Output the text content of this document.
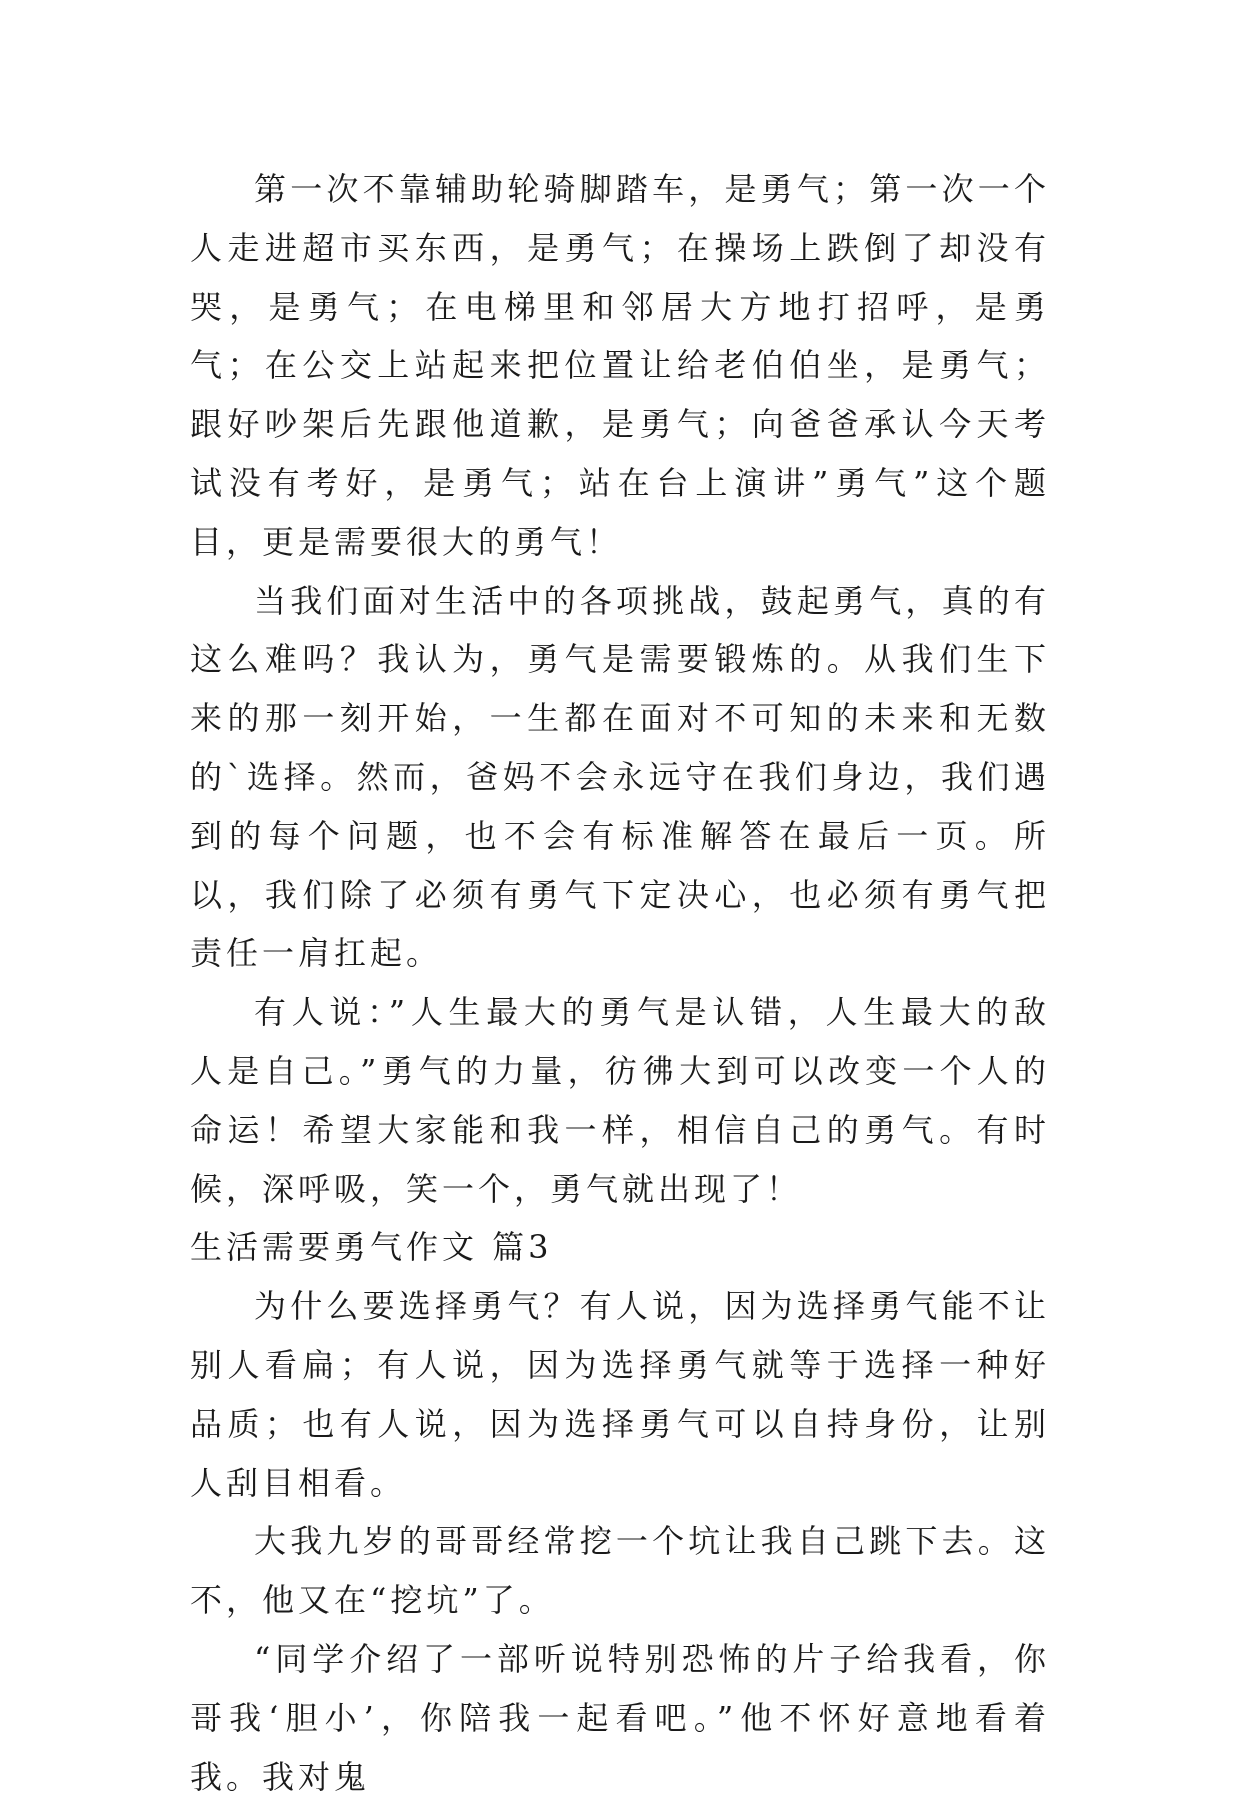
第一次不靠辅助轮骑脚踏车，是勇气；第一次一个人走进超市买东西，是勇气；在操场上跌倒了却没有哭，是勇气；在电梯里和邻居大方地打招呼，是勇气；在公交上站起来把位置让给老伯伯坐，是勇气；跟好吵架后先跟他道歉，是勇气；向爸爸承认今天考试没有考好，是勇气；站在台上演讲”勇气”这个题目，更是需要很大的勇气！

当我们面对生活中的各项挑战，鼓起勇气，真的有这么难吗？我认为，勇气是需要锻炼的。从我们生下来的那一刻开始，一生都在面对不可知的未来和无数的`选择。然而，爸妈不会永远守在我们身边，我们遇到的每个问题，也不会有标准解答在最后一页。所以，我们除了必须有勇气下定决心，也必须有勇气把责任一肩扛起。

有人说：”人生最大的勇气是认错，人生最大的敌人是自己。”勇气的力量，彷彿大到可以改变一个人的命运！希望大家能和我一样，相信自己的勇气。有时候，深呼吸，笑一个，勇气就出现了！

生活需要勇气作文 篇3

为什么要选择勇气？有人说，因为选择勇气能不让别人看扁；有人说，因为选择勇气就等于选择一种好品质；也有人说，因为选择勇气可以自持身份，让别人刮目相看。

大我九岁的哥哥经常挖一个坑让我自己跳下去。这不，他又在“挖坑”了。

“同学介绍了一部听说特别恐怖的片子给我看，你哥我‘胆小’，你陪我一起看吧。”他不怀好意地看着我。我对鬼
